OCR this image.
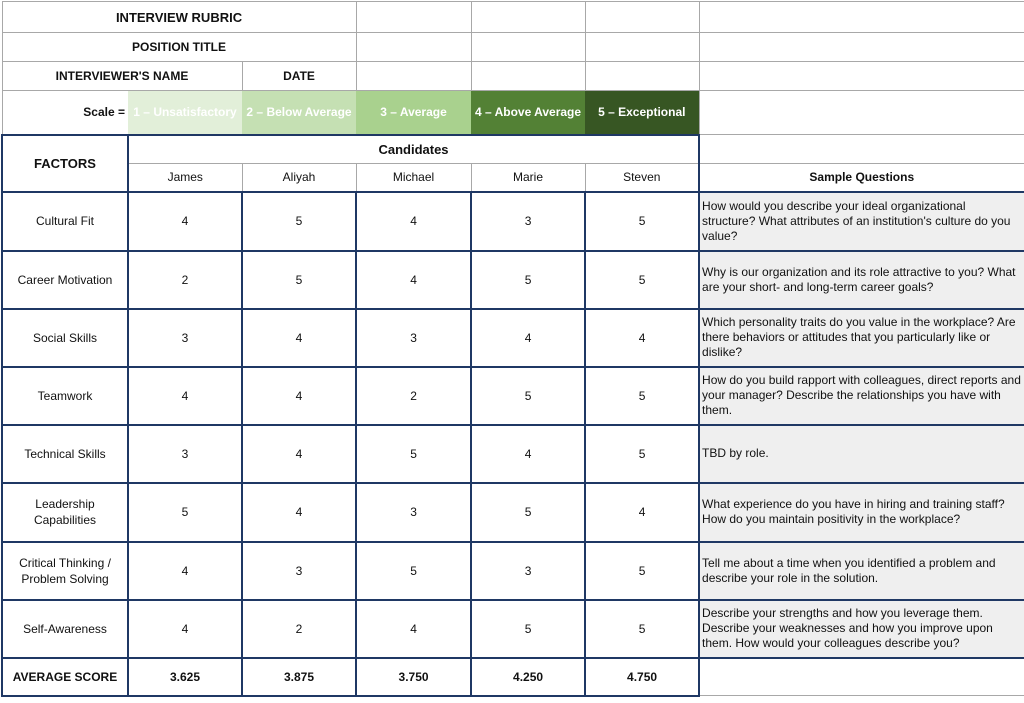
INTERVIEW RUBRIC						
POSITION TITLE						
INTERVIEWER'S NAME		DATE				
Scale =	1 – Unsatisfactory	2 – Below Average	3 – Average	4 – Above Average	5 – Exceptional	
FACTORS	Candidates					
	James	Aliyah	Michael	Marie	Steven	Sample Questions
Cultural Fit	4	5	4	3	5	How would you describe your ideal organizational structure? What attributes of an institution's culture do you value?
Career Motivation	2	5	4	5	5	Why is our organization and its role attractive to you? What are your short- and long-term career goals?
Social Skills	3	4	3	4	4	Which personality traits do you value in the workplace? Are there behaviors or attitudes that you particularly like or dislike?
Teamwork	4	4	2	5	5	How do you build rapport with colleagues, direct reports and your manager? Describe the relationships you have with them.
Technical Skills	3	4	5	4	5	TBD by role.
Leadership Capabilities	5	4	3	5	4	What experience do you have in hiring and training staff? How do you maintain positivity in the workplace?
Critical Thinking / Problem Solving	4	3	5	3	5	Tell me about a time when you identified a problem and describe your role in the solution.
Self-Awareness	4	2	4	5	5	Describe your strengths and how you leverage them. Describe your weaknesses and how you improve upon them. How would your colleagues describe you?
AVERAGE SCORE	3.625	3.875	3.750	4.250	4.750	
